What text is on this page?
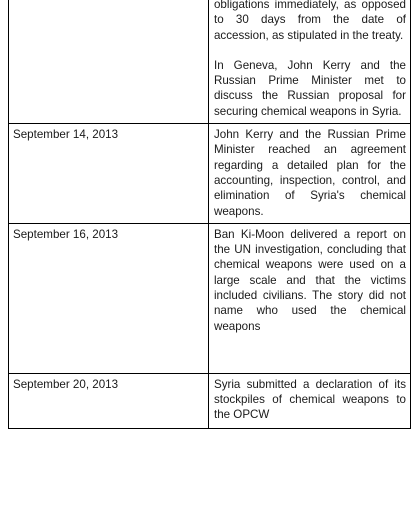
	obligations immediately, as opposed to 30 days from the date of accession, as stipulated in the treaty.

In Geneva, John Kerry and the Russian Prime Minister met to discuss the Russian proposal for securing chemical weapons in Syria.

September 14, 2013	John Kerry and the Russian Prime Minister reached an agreement regarding a detailed plan for the accounting, inspection, control, and elimination of Syria's chemical weapons.

September 16, 2013	Ban Ki-Moon delivered a report on the UN investigation, concluding that chemical weapons were used on a large scale and that the victims included civilians. The story did not name who used the chemical weapons

September 20, 2013	Syria submitted a declaration of its stockpiles of chemical weapons to the OPCW
